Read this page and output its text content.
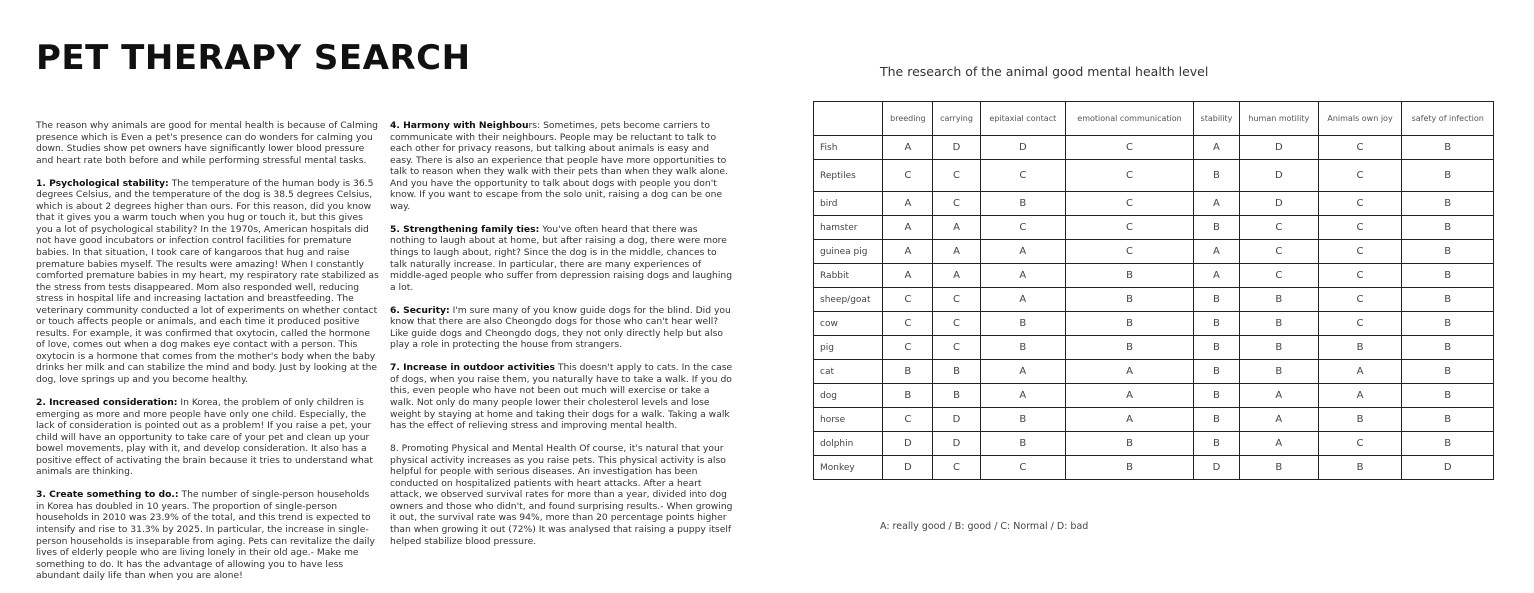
PET THERAPY SEARCH

The reason why animals are good for mental health is because of Calming presence which is Even a pet's presence can do wonders for calming you down. Studies show pet owners have significantly lower blood pressure and heart rate both before and while performing stressful mental tasks.

1. Psychological stability: The temperature of the human body is 36.5 degrees Celsius, and the temperature of the dog is 38.5 degrees Celsius, which is about 2 degrees higher than ours. For this reason, did you know that it gives you a warm touch when you hug or touch it, but this gives you a lot of psychological stability? In the 1970s, American hospitals did not have good incubators or infection control facilities for premature babies. In that situation, I took care of kangaroos that hug and raise premature babies myself. The results were amazing! When I constantly comforted premature babies in my heart, my respiratory rate stabilized as the stress from tests disappeared. Mom also responded well, reducing stress in hospital life and increasing lactation and breastfeeding. The veterinary community conducted a lot of experiments on whether contact or touch affects people or animals, and each time it produced positive results. For example, it was confirmed that oxytocin, called the hormone of love, comes out when a dog makes eye contact with a person. This oxytocin is a hormone that comes from the mother's body when the baby drinks her milk and can stabilize the mind and body. Just by looking at the dog, love springs up and you become healthy.

2. Increased consideration: In Korea, the problem of only children is emerging as more and more people have only one child. Especially, the lack of consideration is pointed out as a problem! If you raise a pet, your child will have an opportunity to take care of your pet and clean up your bowel movements, play with it, and develop consideration. It also has a positive effect of activating the brain because it tries to understand what animals are thinking.

3. Create something to do.: The number of single-person households in Korea has doubled in 10 years. The proportion of single-person households in 2010 was 23.9% of the total, and this trend is expected to intensify and rise to 31.3% by 2025. In particular, the increase in single-person households is inseparable from aging. Pets can revitalize the daily lives of elderly people who are living lonely in their old age.- Make me something to do. It has the advantage of allowing you to have less abundant daily life than when you are alone!

4. Harmony with Neighbours: Sometimes, pets become carriers to communicate with their neighbours. People may be reluctant to talk to each other for privacy reasons, but talking about animals is easy and easy. There is also an experience that people have more opportunities to talk to reason when they walk with their pets than when they walk alone. And you have the opportunity to talk about dogs with people you don't know. If you want to escape from the solo unit, raising a dog can be one way.

5. Strengthening family ties: You've often heard that there was nothing to laugh about at home, but after raising a dog, there were more things to laugh about, right? Since the dog is in the middle, chances to talk naturally increase. In particular, there are many experiences of middle-aged people who suffer from depression raising dogs and laughing a lot.

6. Security: I'm sure many of you know guide dogs for the blind. Did you know that there are also Cheongdo dogs for those who can't hear well? Like guide dogs and Cheongdo dogs, they not only directly help but also play a role in protecting the house from strangers.

7. Increase in outdoor activities This doesn't apply to cats. In the case of dogs, when you raise them, you naturally have to take a walk. If you do this, even people who have not been out much will exercise or take a walk. Not only do many people lower their cholesterol levels and lose weight by staying at home and taking their dogs for a walk. Taking a walk has the effect of relieving stress and improving mental health.

8. Promoting Physical and Mental Health Of course, it's natural that your physical activity increases as you raise pets. This physical activity is also helpful for people with serious diseases. An investigation has been conducted on hospitalized patients with heart attacks. After a heart attack, we observed survival rates for more than a year, divided into dog owners and those who didn't, and found surprising results.- When growing it out, the survival rate was 94%, more than 20 percentage points higher than when growing it out (72%) It was analysed that raising a puppy itself helped stabilize blood pressure.

The research of the animal good mental health level
	breeding	carrying	epitaxial contact	emotional communication	stability	human motility	Animals own joy	safety of infection
Fish	A	D	D	C	A	D	C	B
Reptiles	C	C	C	C	B	D	C	B
bird	A	C	B	C	A	D	C	B
hamster	A	A	C	C	B	C	C	B
guinea pig	A	A	A	C	A	C	C	B
Rabbit	A	A	A	B	A	C	C	B
sheep/goat	C	C	A	B	B	B	C	B
cow	C	C	B	B	B	B	C	B
pig	C	C	B	B	B	B	B	B
cat	B	B	A	A	B	B	A	B
dog	B	B	A	A	B	A	A	B
horse	C	D	B	A	B	A	B	B
dolphin	D	D	B	B	B	A	C	B
Monkey	D	C	C	B	D	B	B	D
A: really good / B: good / C: Normal / D: bad
